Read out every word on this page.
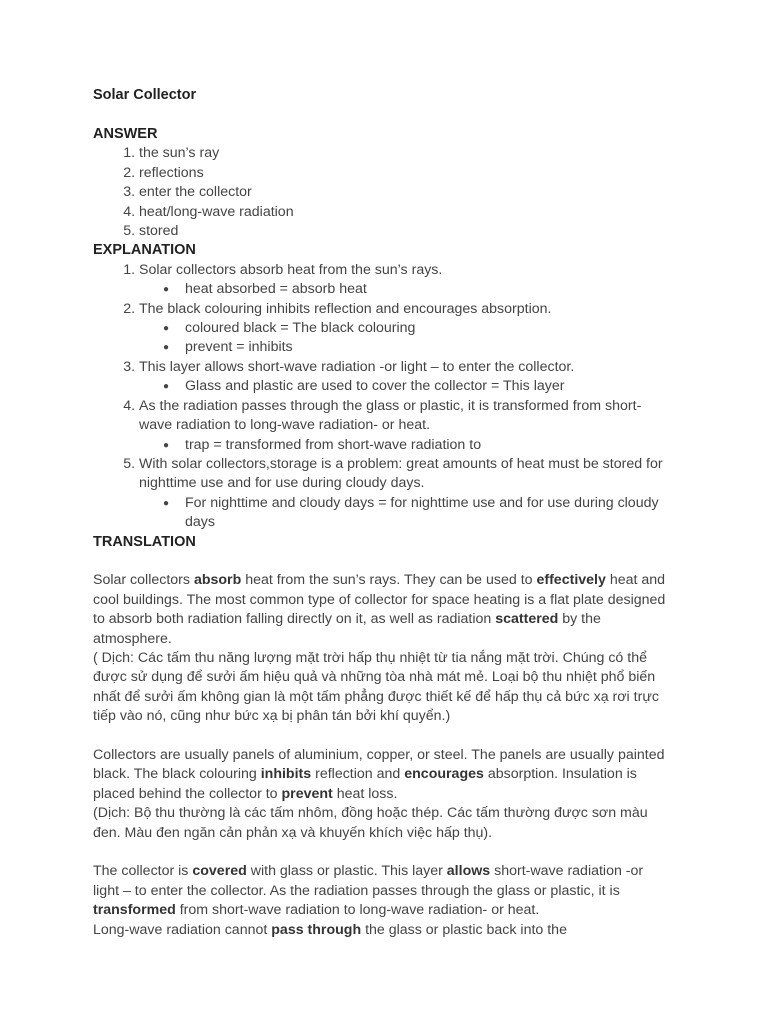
Solar Collector
ANSWER
1. the sun’s ray
2. reflections
3. enter the collector
4. heat/long-wave radiation
5. stored
EXPLANATION
1. Solar collectors absorb heat from the sun’s rays.
● heat absorbed = absorb heat
2. The black colouring inhibits reflection and encourages absorption.
● coloured black = The black colouring
● prevent = inhibits
3. This layer allows short-wave radiation -or light – to enter the collector.
● Glass and plastic are used to cover the collector = This layer
4. As the radiation passes through the glass or plastic, it is transformed from short-wave radiation to long-wave radiation- or heat.
● trap = transformed from short-wave radiation to
5. With solar collectors,storage is a problem: great amounts of heat must be stored for nighttime use and for use during cloudy days.
● For nighttime and cloudy days = for nighttime use and for use during cloudy days
TRANSLATION

Solar collectors absorb heat from the sun’s rays. They can be used to effectively heat and cool buildings. The most common type of collector for space heating is a flat plate designed to absorb both radiation falling directly on it, as well as radiation scattered by the atmosphere.
( Dịch: Các tấm thu năng lượng mặt trời hấp thụ nhiệt từ tia nắng mặt trời. Chúng có thể được sử dụng để sưởi ấm hiệu quả và những tòa nhà mát mẻ. Loại bộ thu nhiệt phổ biến nhất để sưởi ấm không gian là một tấm phẳng được thiết kế để hấp thụ cả bức xạ rơi trực tiếp vào nó, cũng như bức xạ bị phân tán bởi khí quyển.)

Collectors are usually panels of aluminium, copper, or steel. The panels are usually painted black. The black colouring inhibits reflection and encourages absorption. Insulation is placed behind the collector to prevent heat loss.
(Dịch: Bộ thu thường là các tấm nhôm, đồng hoặc thép. Các tấm thường được sơn màu đen. Màu đen ngăn cản phản xạ và khuyến khích việc hấp thụ).

The collector is covered with glass or plastic. This layer allows short-wave radiation -or light – to enter the collector. As the radiation passes through the glass or plastic, it is transformed from short-wave radiation to long-wave radiation- or heat.
Long-wave radiation cannot pass through the glass or plastic back into the
